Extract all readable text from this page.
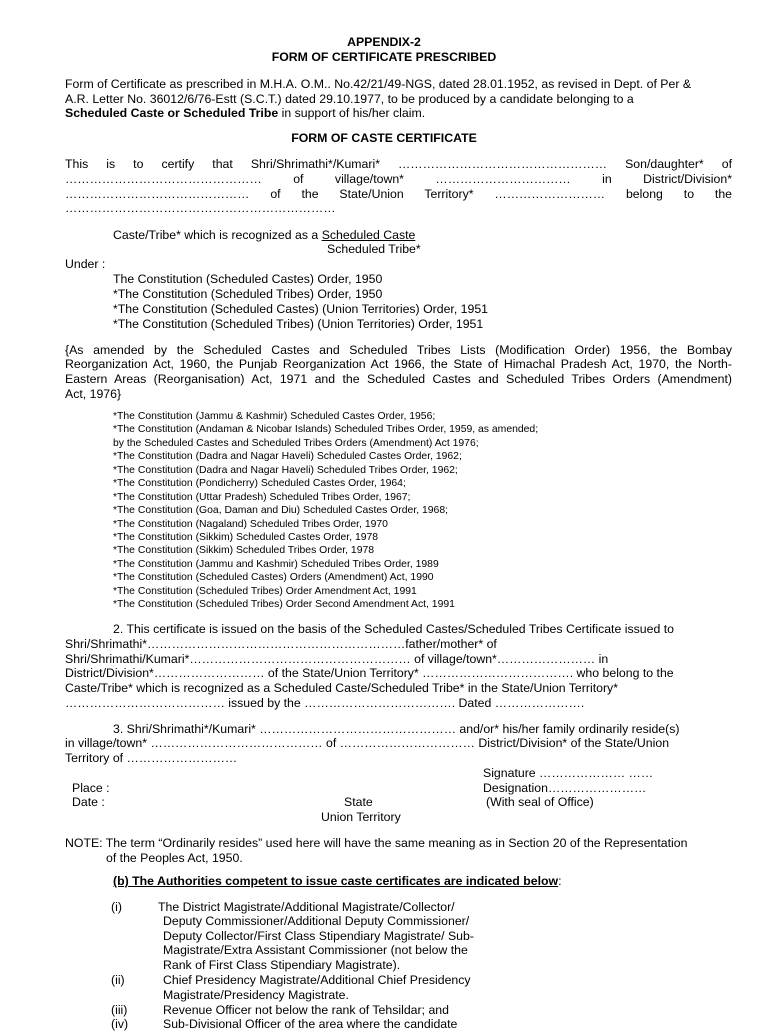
APPENDIX-2
FORM OF CERTIFICATE PRESCRIBED
Form of Certificate as prescribed in M.H.A. O.M.. No.42/21/49-NGS, dated 28.01.1952, as revised in Dept. of Per &
A.R. Letter No. 36012/6/76-Estt (S.C.T.) dated 29.10.1977, to be produced by a candidate belonging to a
Scheduled Caste or Scheduled Tribe in support of his/her claim.
FORM OF CASTE CERTIFICATE
This is to certify that Shri/Shrimathi*/Kumari* …………………………………………… Son/daughter* of
………………………………………… of village/town* …………………………… in District/Division*
……………………………………… of the State/Union Territory* ……………………… belong to the
…………………………………………………………
Caste/Tribe* which is recognized as a Scheduled Caste
Scheduled Tribe*
Under :
The Constitution (Scheduled Castes) Order, 1950
*The Constitution (Scheduled Tribes) Order, 1950
*The Constitution (Scheduled Castes) (Union Territories) Order, 1951
*The Constitution (Scheduled Tribes) (Union Territories) Order, 1951
{As amended by the Scheduled Castes and Scheduled Tribes Lists (Modification Order) 1956, the Bombay
Reorganization Act, 1960, the Punjab Reorganization Act 1966, the State of Himachal Pradesh Act, 1970, the North-
Eastern Areas (Reorganisation) Act, 1971 and the Scheduled Castes and Scheduled Tribes Orders (Amendment)
Act, 1976}
*The Constitution (Jammu & Kashmir) Scheduled Castes Order, 1956;
*The Constitution (Andaman & Nicobar Islands) Scheduled Tribes Order, 1959, as amended;
by the Scheduled Castes and Scheduled Tribes Orders (Amendment) Act 1976;
*The Constitution (Dadra and Nagar Haveli) Scheduled Castes Order, 1962;
*The Constitution (Dadra and Nagar Haveli) Scheduled Tribes Order, 1962;
*The Constitution (Pondicherry) Scheduled Castes Order, 1964;
*The Constitution (Uttar Pradesh) Scheduled Tribes Order, 1967;
*The Constitution (Goa, Daman and Diu) Scheduled Castes Order, 1968;
*The Constitution (Nagaland) Scheduled Tribes Order, 1970
*The Constitution (Sikkim) Scheduled Castes Order, 1978
*The Constitution (Sikkim) Scheduled Tribes Order, 1978
*The Constitution (Jammu and Kashmir) Scheduled Tribes Order, 1989
*The Constitution (Scheduled Castes) Orders (Amendment) Act, 1990
*The Constitution (Scheduled Tribes) Order Amendment Act, 1991
*The Constitution (Scheduled Tribes) Order Second Amendment Act, 1991
2. This certificate is issued on the basis of the Scheduled Castes/Scheduled Tribes Certificate issued to
Shri/Shrimathi*………………………………………………………father/mother* of
Shri/Shrimathi/Kumari*……………………………………………… of village/town*…………………… in
District/Division*……………………… of the State/Union Territory* ………………………………. who belong to the
Caste/Tribe* which is recognized as a Scheduled Caste/Scheduled Tribe* in the State/Union Territory*
………………………………… issued by the ………………………………. Dated ………………….
3. Shri/Shrimathi*/Kumari* ………………………………………… and/or* his/her family ordinarily reside(s)
in village/town* …………………………………… of …………………………… District/Division* of the State/Union
Territory of ………………………
Signature ………………… ……
Place :	Designation……………………
Date :	State	(With seal of Office)
Union Territory
NOTE: The term “Ordinarily resides” used here will have the same meaning as in Section 20 of the Representation
of the Peoples Act, 1950.
(b) The Authorities competent to issue caste certificates are indicated below:
(i)	The District Magistrate/Additional Magistrate/Collector/
Deputy Commissioner/Additional Deputy Commissioner/
Deputy Collector/First Class Stipendiary Magistrate/ Sub-
Magistrate/Extra Assistant Commissioner (not below the
Rank of First Class Stipendiary Magistrate).
(ii)	Chief Presidency Magistrate/Additional Chief Presidency
Magistrate/Presidency Magistrate.
(iii)	Revenue Officer not below the rank of Tehsildar; and
(iv)	Sub-Divisional Officer of the area where the candidate
